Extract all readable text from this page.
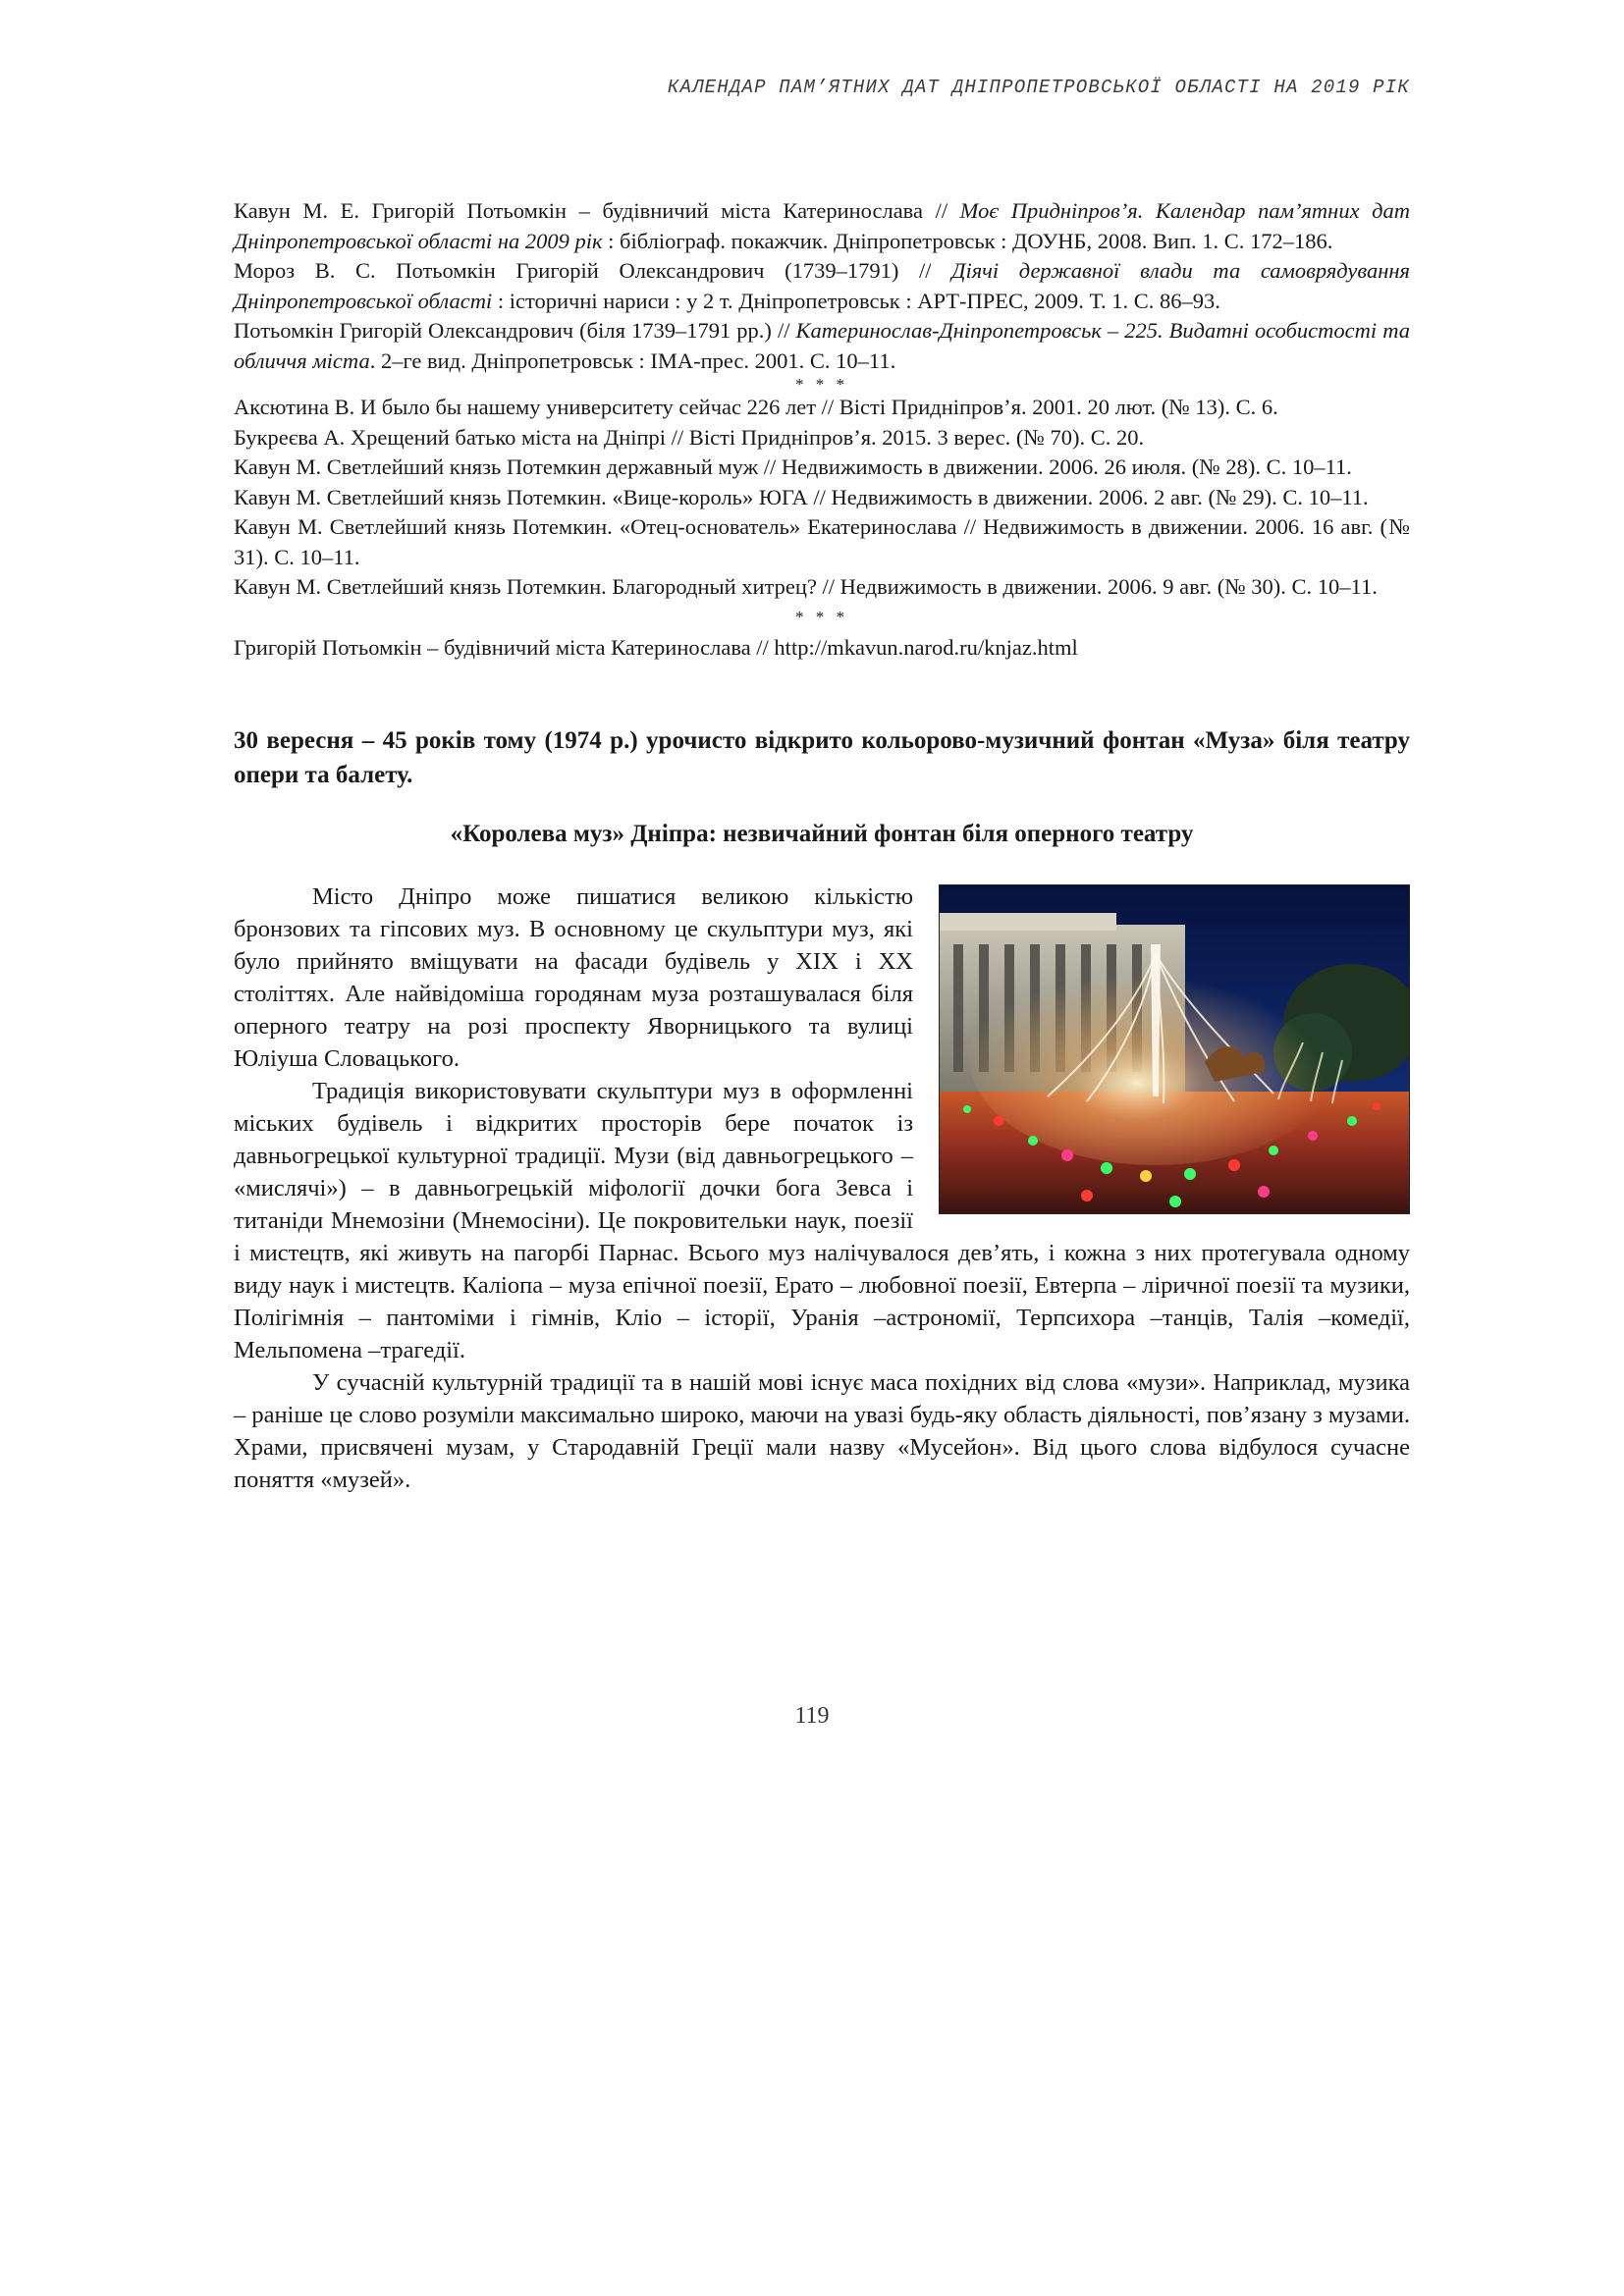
КАЛЕНДАР ПАМ’ЯТНИХ ДАТ ДНІПРОПЕТРОВСЬКОЇ ОБЛАСТІ НА 2019 РІК

Кавун М. Е. Григорій Потьомкін – будівничий міста Катеринослава // Моє Придніпров’я. Календар пам’ятних дат Дніпропетровської області на 2009 рік : бібліограф. покажчик. Дніпропетровськ : ДОУНБ, 2008. Вип. 1. С. 172–186.

Мороз В. С. Потьомкін Григорій Олександрович (1739–1791) // Діячі державної влади та самоврядування Дніпропетровської області : історичні нариси : у 2 т. Дніпропетровськ : АРТ-ПРЕС, 2009. Т. 1. С. 86–93.

Потьомкін Григорій Олександрович (біля 1739–1791 рр.) // Катеринослав-Дніпропетровськ – 225. Видатні особистості та обличчя міста. 2–ге вид. Дніпропетровськ : ІМА-прес. 2001. С. 10–11.

* * *

Аксютина В. И было бы нашему университету сейчас 226 лет // Вісті Придніпров’я. 2001. 20 лют. (№ 13). С. 6.

Букреєва А. Хрещений батько міста на Дніпрі // Вісті Придніпров’я. 2015. 3 верес. (№ 70). С. 20.

Кавун М. Светлейший князь Потемкин державный муж // Недвижимость в движении. 2006. 26 июля. (№ 28). С. 10–11.

Кавун М. Светлейший князь Потемкин. «Вице-король» ЮГА // Недвижимость в движении. 2006. 2 авг. (№ 29). С. 10–11.

Кавун М. Светлейший князь Потемкин. «Отец-основатель» Екатеринослава // Недвижимость в движении. 2006. 16 авг. (№ 31). С. 10–11.

Кавун М. Светлейший князь Потемкин. Благородный хитрец? // Недвижимость в движении. 2006. 9 авг. (№ 30). С. 10–11.

* * *

Григорій Потьомкін – будівничий міста Катеринослава // http://mkavun.narod.ru/knjaz.html

30 вересня – 45 років тому (1974 р.) урочисто відкрито кольорово-музичний фонтан «Муза» біля театру опери та балету.

«Королева муз» Дніпра: незвичайний фонтан біля оперного театру

Місто Дніпро може пишатися великою кількістю бронзових та гіпсових муз. В основному це скульптури муз, які було прийнято вміщувати на фасади будівель у XIX і XX століттях. Але найвідоміша городянам муза розташувалася біля оперного театру на розі проспекту Яворницького та вулиці Юліуша Словацького.

Традиція використовувати скульптури муз в оформленні міських будівель і відкритих просторів бере початок із давньогрецької культурної традиції. Музи (від давньогрецького – «мислячі») – в давньогрецькій міфології дочки бога Зевса і титаніди Мнемозіни (Мнемосіни). Це покровительки наук, поезії і мистецтв, які живуть на пагорбі Парнас. Всього муз налічувалося дев’ять, і кожна з них протегувала одному виду наук і мистецтв. Каліопа – муза епічної поезії, Ерато – любовної поезії, Евтерпа – ліричної поезії та музики, Полігімнія – пантоміми і гімнів, Кліо – історії, Уранія –астрономії, Терпсихора –танців, Талія –комедії, Мельпомена –трагедії.

У сучасній культурній традиції та в нашій мові існує маса похідних від слова «музи». Наприклад, музика – раніше це слово розуміли максимально широко, маючи на увазі будь-яку область діяльності, пов’язану з музами. Храми, присвячені музам, у Стародавній Греції мали назву «Мусейон». Від цього слова відбулося сучасне поняття «музей».

119
